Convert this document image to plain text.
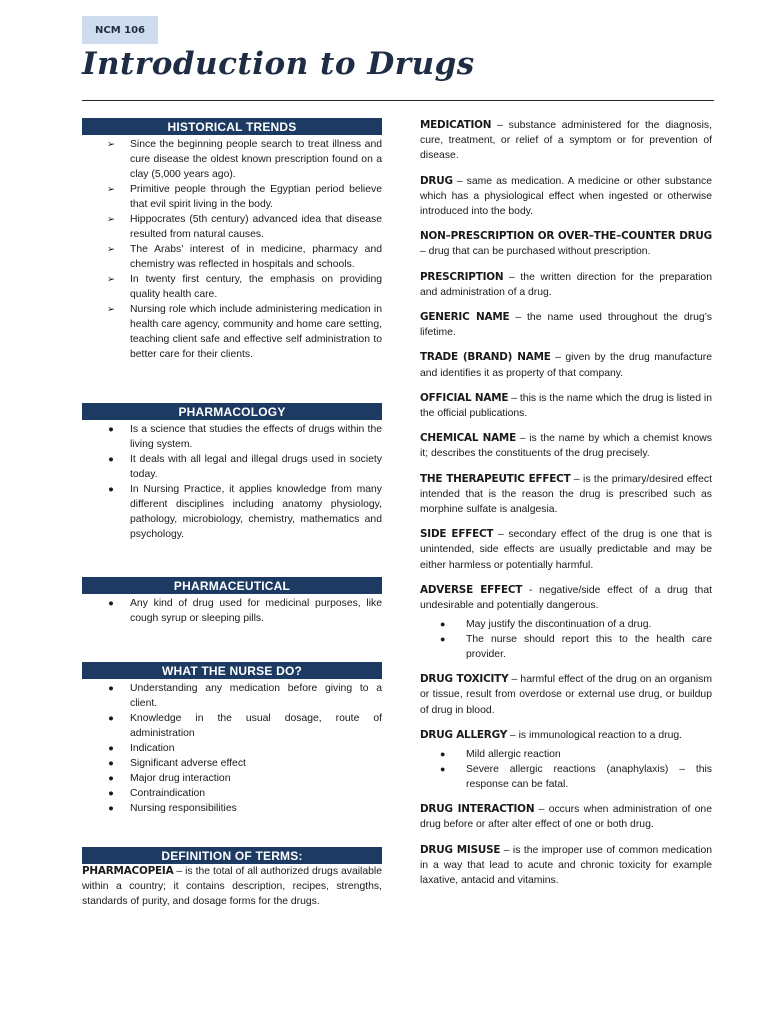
NCM 106
Introduction to Drugs
HISTORICAL TRENDS
➢ Since the beginning people search to treat illness and cure disease the oldest known prescription found on a clay (5,000 years ago).
➢ Primitive people through the Egyptian period believe that evil spirit living in the body.
➢ Hippocrates (5th century) advanced idea that disease resulted from natural causes.
➢ The Arabs’ interest of in medicine, pharmacy and chemistry was reflected in hospitals and schools.
➢ In twenty first century, the emphasis on providing quality health care.
➢ Nursing role which include administering medication in health care agency, community and home care setting, teaching client safe and effective self administration to better care for their clients.
PHARMACOLOGY
●	Is a science that studies the effects of drugs within the living system.
●	It deals with all legal and illegal drugs used in society today.
●	In Nursing Practice, it applies knowledge from many different disciplines including anatomy physiology, pathology, microbiology, chemistry, mathematics and psychology.
PHARMACEUTICAL
●	Any kind of drug used for medicinal purposes, like cough syrup or sleeping pills.
WHAT THE NURSE DO?
●	Understanding any medication before giving to a client.
●	Knowledge in the usual dosage, route of administration
●	Indication
●	Significant adverse effect
●	Major drug interaction
●	Contraindication
●	Nursing responsibilities
DEFINITION OF TERMS:

PHARMACOPEIA – is the total of all authorized drugs available within a country; it contains description, recipes, strengths, standards of purity, and dosage forms for the drugs.

MEDICATION – substance administered for the diagnosis, cure, treatment, or relief of a symptom or for prevention of disease.

DRUG – same as medication. A medicine or other substance which has a physiological effect when ingested or otherwise introduced into the body.

NON–PRESCRIPTION OR OVER–THE–COUNTER DRUG – drug that can be purchased without prescription.

PRESCRIPTION – the written direction for the preparation and administration of a drug.

GENERIC NAME – the name used throughout the drug’s lifetime.

TRADE (BRAND) NAME – given by the drug manufacture and identifies it as property of that company.

OFFICIAL NAME – this is the name which the drug is listed in the official publications.

CHEMICAL NAME – is the name by which a chemist knows it; describes the constituents of the drug precisely.

THE THERAPEUTIC EFFECT – is the primary/desired effect intended that is the reason the drug is prescribed such as morphine sulfate is analgesia.

SIDE EFFECT – secondary effect of the drug is one that is unintended, side effects are usually predictable and may be either harmless or potentially harmful.

ADVERSE EFFECT - negative/side effect of a drug that undesirable and potentially dangerous.

● May justify the discontinuation of a drug.
● The nurse should report this to the health care provider.

DRUG TOXICITY – harmful effect of the drug on an organism or tissue, result from overdose or external use drug, or buildup of drug in blood.

DRUG ALLERGY – is immunological reaction to a drug.

● Mild allergic reaction
● Severe allergic reactions (anaphylaxis) – this response can be fatal.

DRUG INTERACTION – occurs when administration of one drug before or after alter effect of one or both drug.

DRUG MISUSE – is the improper use of common medication in a way that lead to acute and chronic toxicity for example laxative, antacid and vitamins.
